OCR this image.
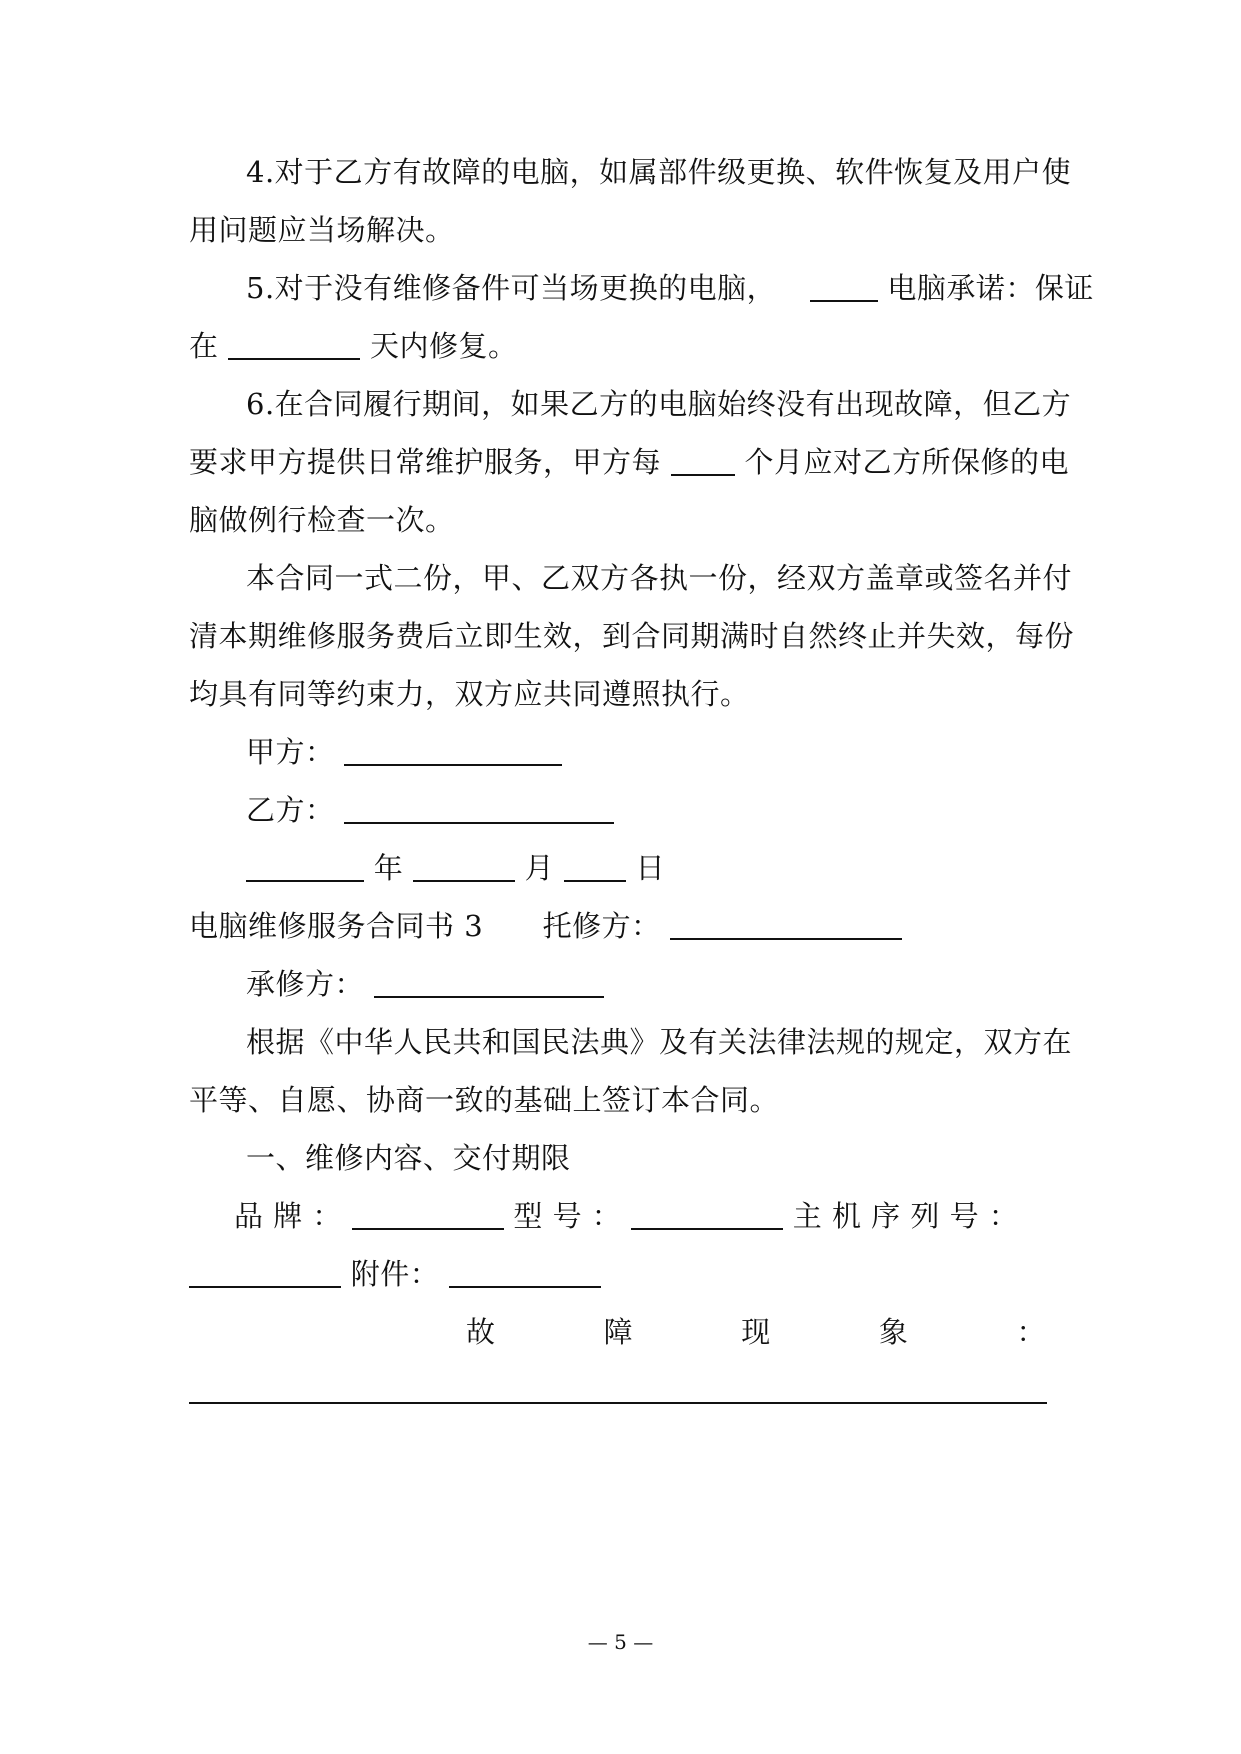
4.对于乙方有故障的电脑，如属部件级更换、软件恢复及用户使
用问题应当场解决。
5.对于没有维修备件可当场更换的电脑，	电脑承诺：保证
在	天内修复。
6.在合同履行期间，如果乙方的电脑始终没有出现故障，但乙方
要求甲方提供日常维护服务，甲方每	个月应对乙方所保修的电
脑做例行检查一次。
本合同一式二份，甲、乙双方各执一份，经双方盖章或签名并付
清本期维修服务费后立即生效，到合同期满时自然终止并失效，每份
均具有同等约束力，双方应共同遵照执行。
甲方：
乙方：
年	月	日
电脑维修服务合同书 3 托修方：
承修方：
根据《中华人民共和国民法典》及有关法律法规的规定，双方在
平等、自愿、协商一致的基础上签订本合同。
一、维修内容、交付期限
品 牌 ：	型 号 ：	主 机 序 列 号 ：
附件：
故	障	现	象	：
— 5 —
